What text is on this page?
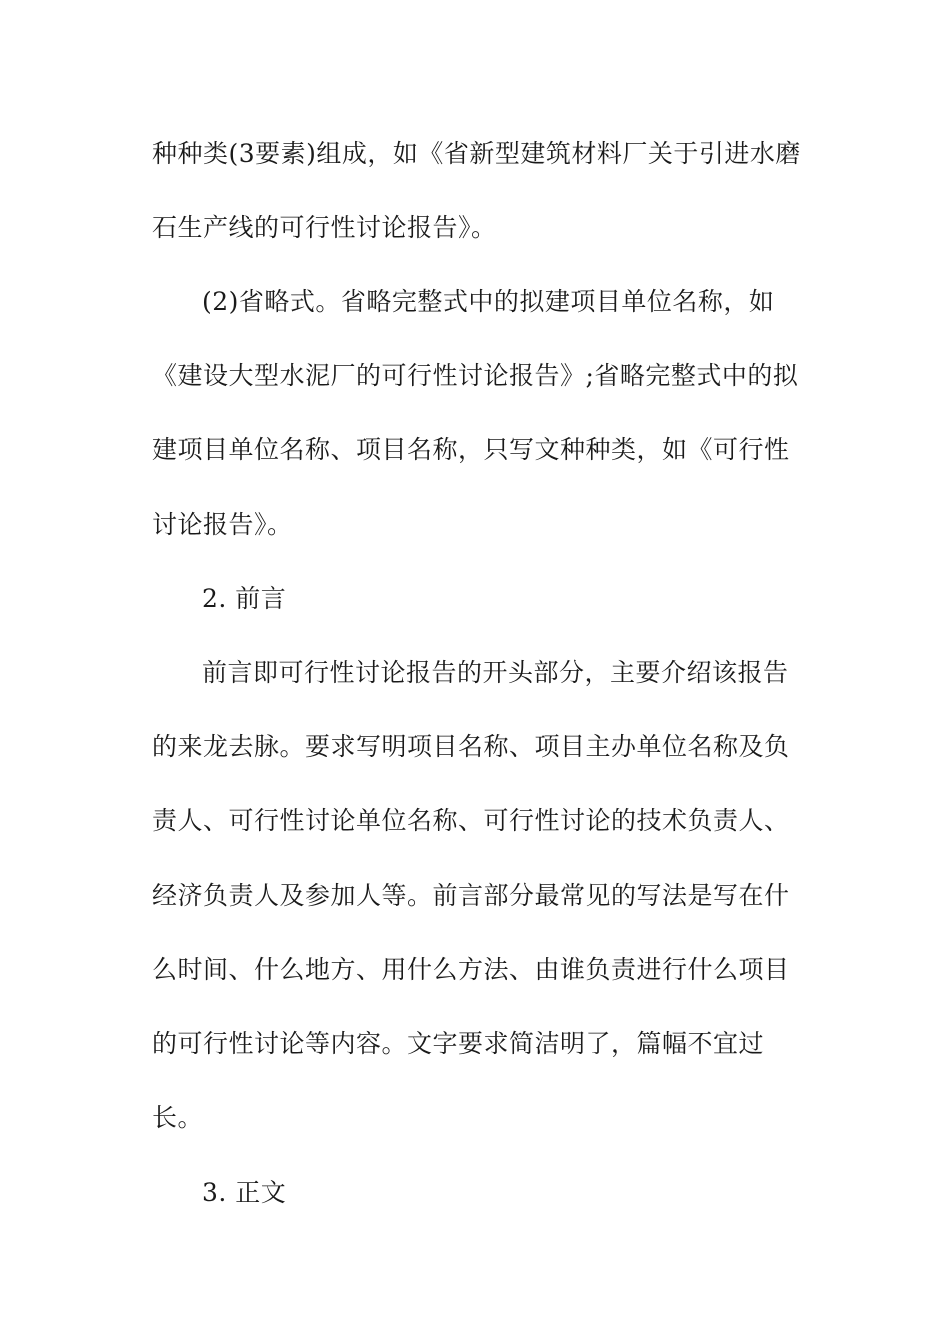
种种类(3要素)组成，如《省新型建筑材料厂关于引进水磨
石生产线的可行性讨论报告》。
(2)省略式。省略完整式中的拟建项目单位名称，如
《建设大型水泥厂的可行性讨论报告》;省略完整式中的拟
建项目单位名称、项目名称，只写文种种类，如《可行性
讨论报告》。
2. 前言
前言即可行性讨论报告的开头部分，主要介绍该报告
的来龙去脉。要求写明项目名称、项目主办单位名称及负
责人、可行性讨论单位名称、可行性讨论的技术负责人、
经济负责人及参加人等。前言部分最常见的写法是写在什
么时间、什么地方、用什么方法、由谁负责进行什么项目
的可行性讨论等内容。文字要求简洁明了，篇幅不宜过
长。
3. 正文
